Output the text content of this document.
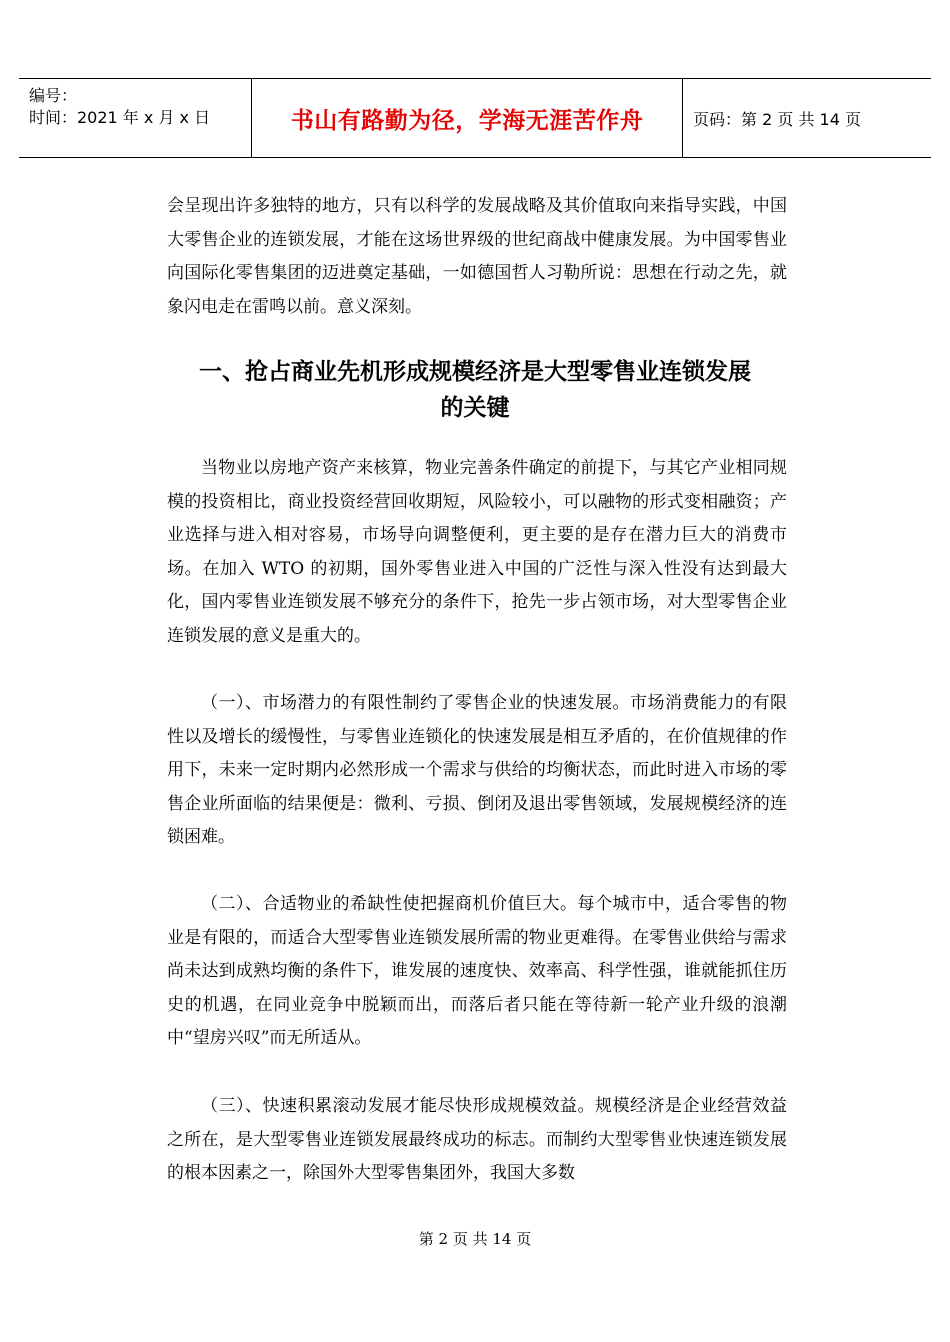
编号：
时间：2021 年 x 月 x 日	书山有路勤为径，学海无涯苦作舟	页码：第 2 页 共 14 页
会呈现出许多独特的地方，只有以科学的发展战略及其价值取向来指导实践，中国大零售企业的连锁发展，才能在这场世界级的世纪商战中健康发展。为中国零售业向国际化零售集团的迈进奠定基础，一如德国哲人习勒所说：思想在行动之先，就象闪电走在雷鸣以前。意义深刻。
一、抢占商业先机形成规模经济是大型零售业连锁发展
的关键
当物业以房地产资产来核算，物业完善条件确定的前提下，与其它产业相同规模的投资相比，商业投资经营回收期短，风险较小，可以融物的形式变相融资；产业选择与进入相对容易，市场导向调整便利，更主要的是存在潜力巨大的消费市场。在加入 WTO 的初期，国外零售业进入中国的广泛性与深入性没有达到最大化，国内零售业连锁发展不够充分的条件下，抢先一步占领市场，对大型零售企业连锁发展的意义是重大的。
（一）、市场潜力的有限性制约了零售企业的快速发展。市场消费能力的有限性以及增长的缓慢性，与零售业连锁化的快速发展是相互矛盾的，在价值规律的作用下，未来一定时期内必然形成一个需求与供给的均衡状态，而此时进入市场的零售企业所面临的结果便是：微利、亏损、倒闭及退出零售领域，发展规模经济的连锁困难。
（二）、合适物业的希缺性使把握商机价值巨大。每个城市中，适合零售的物业是有限的，而适合大型零售业连锁发展所需的物业更难得。在零售业供给与需求尚未达到成熟均衡的条件下，谁发展的速度快、效率高、科学性强，谁就能抓住历史的机遇，在同业竞争中脱颖而出，而落后者只能在等待新一轮产业升级的浪潮中“望房兴叹”而无所适从。
（三）、快速积累滚动发展才能尽快形成规模效益。规模经济是企业经营效益之所在，是大型零售业连锁发展最终成功的标志。而制约大型零售业快速连锁发展的根本因素之一，除国外大型零售集团外，我国大多数
第 2 页 共 14 页
